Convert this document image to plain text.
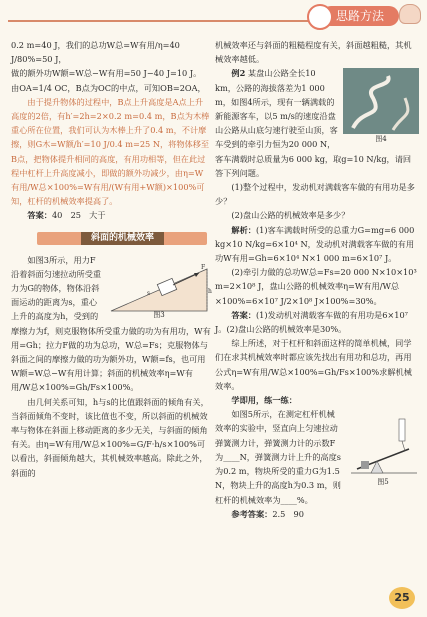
思路方法

0.2 m=40 J，我们的总功W总=W有用/η=40 J/80%=50 J，

做的额外功W额=W总−W有用=50 J−40 J=10 J。

由OA=1/4 OC，B点为OC的中点，可知OB=2OA，

由于提升物体的过程中，B点上升高度是A点上升高度的2倍，有h′=2h=2×0.2 m=0.4 m，B点为木棒重心所在位置，我们可认为木棒上升了0.4 m，不计摩擦，则G木=W额/h′=10 J/0.4 m=25 N，将物体移至B点，把物体提升相同的高度，有用功相等，但在此过程中杠杆上升高度减小，即做的额外功减少，由η=W有用/W总×100%=W有用/(W有用+W额)×100%可知，杠杆的机械效率提高了。

答案：40　25　大于

斜面的机械效率
F
s	h
图3

如图3所示，用力F沿着斜面匀速拉动所受重力为G的物体，物体沿斜面运动的距离为s，重心上升的高度为h，受到的摩擦力为f，则克服物体所受重力做的功为有用功，W有用=Gh；拉力F做的功为总功，W总=Fs；克服物体与斜面之间的摩擦力做的功为额外功，W额=fs，也可用W额=W总−W有用计算；斜面的机械效率η=W有用/W总×100%=Gh/Fs×100%。

由几何关系可知，h与s的比值跟斜面的倾角有关，当斜面倾角不变时，该比值也不变，所以斜面的机械效率与物体在斜面上移动距离的多少无关，与斜面的倾角有关。由η=W有用/W总×100%=G/F·h/s×100%可以看出，斜面倾角越大，其机械效率越高。除此之外，斜面的

机械效率还与斜面的粗糙程度有关，斜面越粗糙，其机械效率越低。

图4

例2 某盘山公路全长10 km，公路的海拔落差为1 000 m，如图4所示，现有一辆满载的新能源客车，以5 m/s的速度沿盘山公路从山底匀速行驶至山顶，客车受到的牵引力恒为20 000 N，客车满载时总质量为6 000 kg，取g=10 N/kg，请回答下列问题。

(1)整个过程中，发动机对满载客车做的有用功是多少？

(2)盘山公路的机械效率是多少？

解析：(1)客车满载时所受的总重力G=mg=6 000 kg×10 N/kg=6×10⁴ N，发动机对满载客车做的有用功W有用=Gh=6×10⁴ N×1 000 m=6×10⁷ J。

(2)牵引力做的总功W总=Fs=20 000 N×10×10³ m=2×10⁸ J，盘山公路的机械效率η=W有用/W总×100%=6×10⁷ J/2×10⁸ J×100%=30%。

答案：(1)发动机对满载客车做的有用功是6×10⁷ J。(2)盘山公路的机械效率是30%。

综上所述，对于杠杆和斜面这样的简单机械，同学们在求其机械效率时都应该先找出有用功和总功，再用公式η=W有用/W总×100%=Gh/Fs×100%求解机械效率。

学即用，练一练：

图5

如图5所示，在测定杠杆机械效率的实验中，竖直向上匀速拉动弹簧测力计，弹簧测力计的示数F为____N，弹簧测力计上升的高度s为0.2 m，物块所受的重力G为1.5 N，物块上升的高度h为0.3 m，则杠杆的机械效率为____%。

参考答案：2.5　90

25
